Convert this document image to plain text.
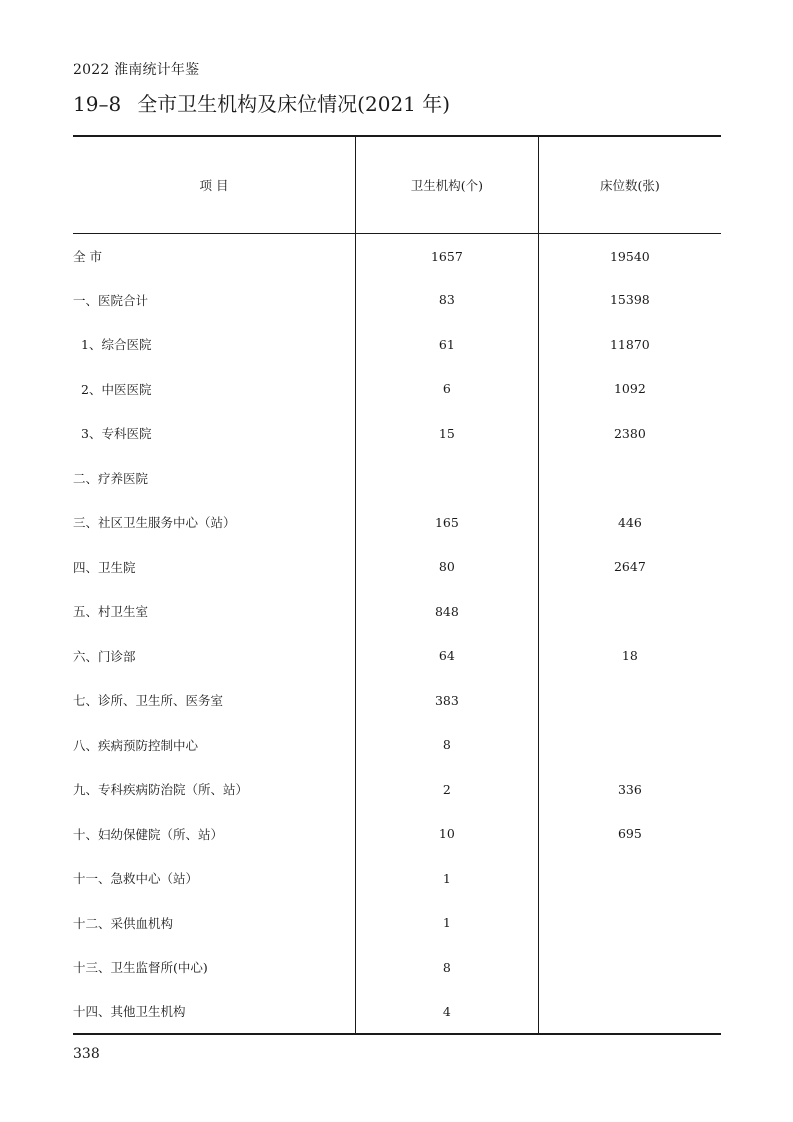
2022 淮南统计年鉴
19–8 全市卫生机构及床位情况(2021 年)
项 目	卫生机构(个)	床位数(张)
全 市	1657	19540
一、医院合计	83	15398
1、综合医院	61	11870
2、中医医院	6	1092
3、专科医院	15	2380
二、疗养医院		
三、社区卫生服务中心（站）	165	446
四、卫生院	80	2647
五、村卫生室	848	
六、门诊部	64	18
七、诊所、卫生所、医务室	383	
八、疾病预防控制中心	8	
九、专科疾病防治院（所、站）	2	336
十、妇幼保健院（所、站）	10	695
十一、急救中心（站）	1	
十二、采供血机构	1	
十三、卫生监督所(中心)	8	
十四、其他卫生机构	4	
338
